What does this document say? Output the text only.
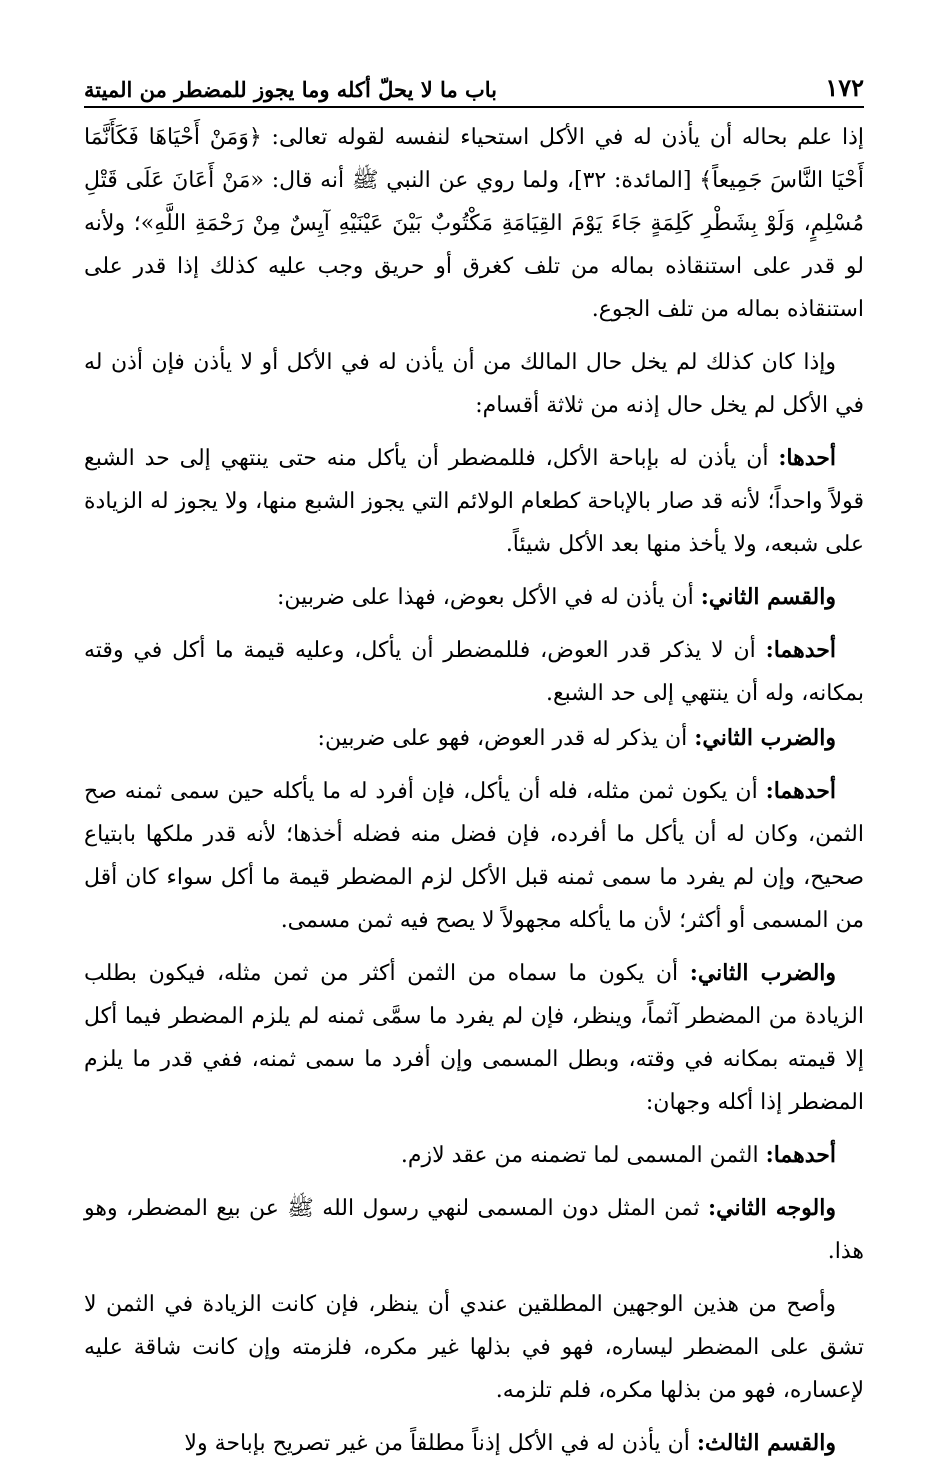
١٧٢
باب ما لا يحلّ أكله وما يجوز للمضطر من الميتة

إذا علم بحاله أن يأذن له في الأكل استحياء لنفسه لقوله تعالى: ﴿وَمَنْ أَحْيَاهَا فَكَأَنَّمَا أَحْيَا النَّاسَ جَمِيعاً﴾ [المائدة: ٣٢]، ولما روي عن النبي ﷺ أنه قال: «مَنْ أَعَانَ عَلَى قَتْلِ مُسْلِمٍ، وَلَوْ بِشَطْرِ كَلِمَةٍ جَاءَ يَوْمَ القِيَامَةِ مَكْتُوبٌ بَيْنَ عَيْنَيْهِ آيِسٌ مِنْ رَحْمَةِ اللَّهِ»؛ ولأنه لو قدر على استنقاذه بماله من تلف كغرق أو حريق وجب عليه كذلك إذا قدر على استنقاذه بماله من تلف الجوع.

وإذا كان كذلك لم يخل حال المالك من أن يأذن له في الأكل أو لا يأذن فإن أذن له في الأكل لم يخل حال إذنه من ثلاثة أقسام:

أحدها: أن يأذن له بإباحة الأكل، فللمضطر أن يأكل منه حتى ينتهي إلى حد الشبع قولاً واحداً؛ لأنه قد صار بالإباحة كطعام الولائم التي يجوز الشبع منها، ولا يجوز له الزيادة على شبعه، ولا يأخذ منها بعد الأكل شيئاً.

والقسم الثاني: أن يأذن له في الأكل بعوض، فهذا على ضربين:

أحدهما: أن لا يذكر قدر العوض، فللمضطر أن يأكل، وعليه قيمة ما أكل في وقته بمكانه، وله أن ينتهي إلى حد الشبع.

والضرب الثاني: أن يذكر له قدر العوض، فهو على ضربين:

أحدهما: أن يكون ثمن مثله، فله أن يأكل، فإن أفرد له ما يأكله حين سمى ثمنه صح الثمن، وكان له أن يأكل ما أفرده، فإن فضل منه فضله أخذها؛ لأنه قدر ملكها بابتياع صحيح، وإن لم يفرد ما سمى ثمنه قبل الأكل لزم المضطر قيمة ما أكل سواء كان أقل من المسمى أو أكثر؛ لأن ما يأكله مجهولاً لا يصح فيه ثمن مسمى.

والضرب الثاني: أن يكون ما سماه من الثمن أكثر من ثمن مثله، فيكون بطلب الزيادة من المضطر آثماً، وينظر، فإن لم يفرد ما سمَّى ثمنه لم يلزم المضطر فيما أكل إلا قيمته بمكانه في وقته، وبطل المسمى وإن أفرد ما سمى ثمنه، ففي قدر ما يلزم المضطر إذا أكله وجهان:

أحدهما: الثمن المسمى لما تضمنه من عقد لازم.

والوجه الثاني: ثمن المثل دون المسمى لنهي رسول الله ﷺ عن بيع المضطر، وهو هذا.

وأصح من هذين الوجهين المطلقين عندي أن ينظر، فإن كانت الزيادة في الثمن لا تشق على المضطر ليساره، فهو في بذلها غير مكره، فلزمته وإن كانت شاقة عليه لإعساره، فهو من بذلها مكره، فلم تلزمه.

والقسم الثالث: أن يأذن له في الأكل إذناً مطلقاً من غير تصريح بإباحة ولا
